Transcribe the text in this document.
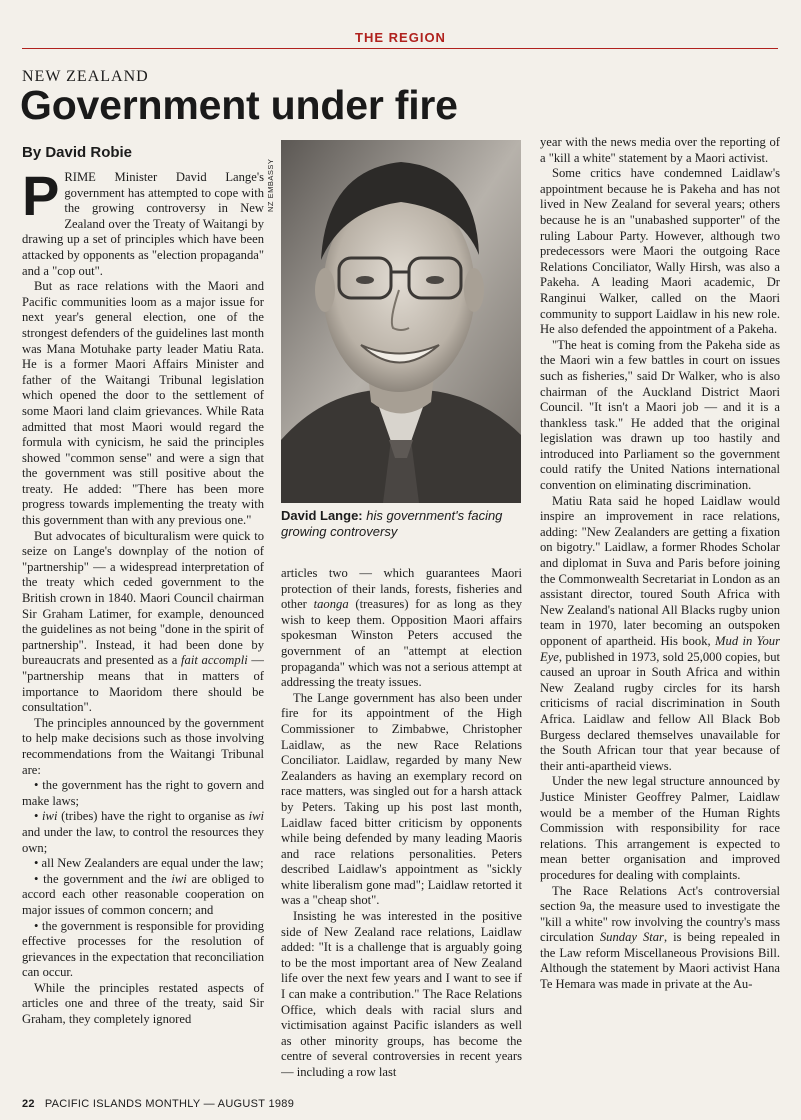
THE REGION
NEW ZEALAND
Government under fire
By David Robie

PRIME Minister David Lange's government has attempted to cope with the growing controversy in New Zealand over the Treaty of Waitangi by drawing up a set of principles which have been attacked by opponents as "election propaganda" and a "cop out".

But as race relations with the Maori and Pacific communities loom as a major issue for next year's general election, one of the strongest defenders of the guidelines last month was Mana Motuhake party leader Matiu Rata. He is a former Maori Affairs Minister and father of the Waitangi Tribunal legislation which opened the door to the settlement of some Maori land claim grievances. While Rata admitted that most Maori would regard the formula with cynicism, he said the principles showed "common sense" and were a sign that the government was still positive about the treaty. He added: "There has been more progress towards implementing the treaty with this government than with any previous one."

But advocates of biculturalism were quick to seize on Lange's downplay of the notion of "partnership" — a widespread interpretation of the treaty which ceded government to the British crown in 1840. Maori Council chairman Sir Graham Latimer, for example, denounced the guidelines as not being "done in the spirit of partnership". Instead, it had been done by bureaucrats and presented as a fait accompli — "partnership means that in matters of importance to Maoridom there should be consultation".

The principles announced by the government to help make decisions such as those involving recommendations from the Waitangi Tribunal are:

• the government has the right to govern and make laws;

• iwi (tribes) have the right to organise as iwi and under the law, to control the resources they own;

• all New Zealanders are equal under the law;

• the government and the iwi are obliged to accord each other reasonable cooperation on major issues of common concern; and

• the government is responsible for providing effective processes for the resolution of grievances in the expectation that reconciliation can occur.

While the principles restated aspects of articles one and three of the treaty, said Sir Graham, they completely ignored

NZ EMBASSY
David Lange: his government's facing growing controversy

articles two — which guarantees Maori protection of their lands, forests, fisheries and other taonga (treasures) for as long as they wish to keep them. Opposition Maori affairs spokesman Winston Peters accused the government of an "attempt at election propaganda" which was not a serious attempt at addressing the treaty issues.

The Lange government has also been under fire for its appointment of the High Commissioner to Zimbabwe, Christopher Laidlaw, as the new Race Relations Conciliator. Laidlaw, regarded by many New Zealanders as having an exemplary record on race matters, was singled out for a harsh attack by Peters. Taking up his post last month, Laidlaw faced bitter criticism by opponents while being defended by many leading Maoris and race relations personalities. Peters described Laidlaw's appointment as "sickly white liberalism gone mad"; Laidlaw retorted it was a "cheap shot".

Insisting he was interested in the positive side of New Zealand race relations, Laidlaw added: "It is a challenge that is arguably going to be the most important area of New Zealand life over the next few years and I want to see if I can make a contribution." The Race Relations Office, which deals with racial slurs and victimisation against Pacific islanders as well as other minority groups, has become the centre of several controversies in recent years — including a row last

year with the news media over the reporting of a "kill a white" statement by a Maori activist.

Some critics have condemned Laidlaw's appointment because he is Pakeha and has not lived in New Zealand for several years; others because he is an "unabashed supporter" of the ruling Labour Party. However, although two predecessors were Maori the outgoing Race Relations Conciliator, Wally Hirsh, was also a Pakeha. A leading Maori academic, Dr Ranginui Walker, called on the Maori community to support Laidlaw in his new role. He also defended the appointment of a Pakeha.

"The heat is coming from the Pakeha side as the Maori win a few battles in court on issues such as fisheries," said Dr Walker, who is also chairman of the Auckland District Maori Council. "It isn't a Maori job — and it is a thankless task." He added that the original legislation was drawn up too hastily and introduced into Parliament so the government could ratify the United Nations international convention on eliminating discrimination.

Matiu Rata said he hoped Laidlaw would inspire an improvement in race relations, adding: "New Zealanders are getting a fixation on bigotry." Laidlaw, a former Rhodes Scholar and diplomat in Suva and Paris before joining the Commonwealth Secretariat in London as an assistant director, toured South Africa with New Zealand's national All Blacks rugby union team in 1970, later becoming an outspoken opponent of apartheid. His book, Mud in Your Eye, published in 1973, sold 25,000 copies, but caused an uproar in South Africa and within New Zealand rugby circles for its harsh criticisms of racial discrimination in South Africa. Laidlaw and fellow All Black Bob Burgess declared themselves unavailable for the South African tour that year because of their anti-apartheid views.

Under the new legal structure announced by Justice Minister Geoffrey Palmer, Laidlaw would be a member of the Human Rights Commission with responsibility for race relations. This arrangement is expected to mean better organisation and improved procedures for dealing with complaints.

The Race Relations Act's controversial section 9a, the measure used to investigate the "kill a white" row involving the country's mass circulation Sunday Star, is being repealed in the Law reform Miscellaneous Provisions Bill. Although the statement by Maori activist Hana Te Hemara was made in private at the Au-

22 PACIFIC ISLANDS MONTHLY — AUGUST 1989
